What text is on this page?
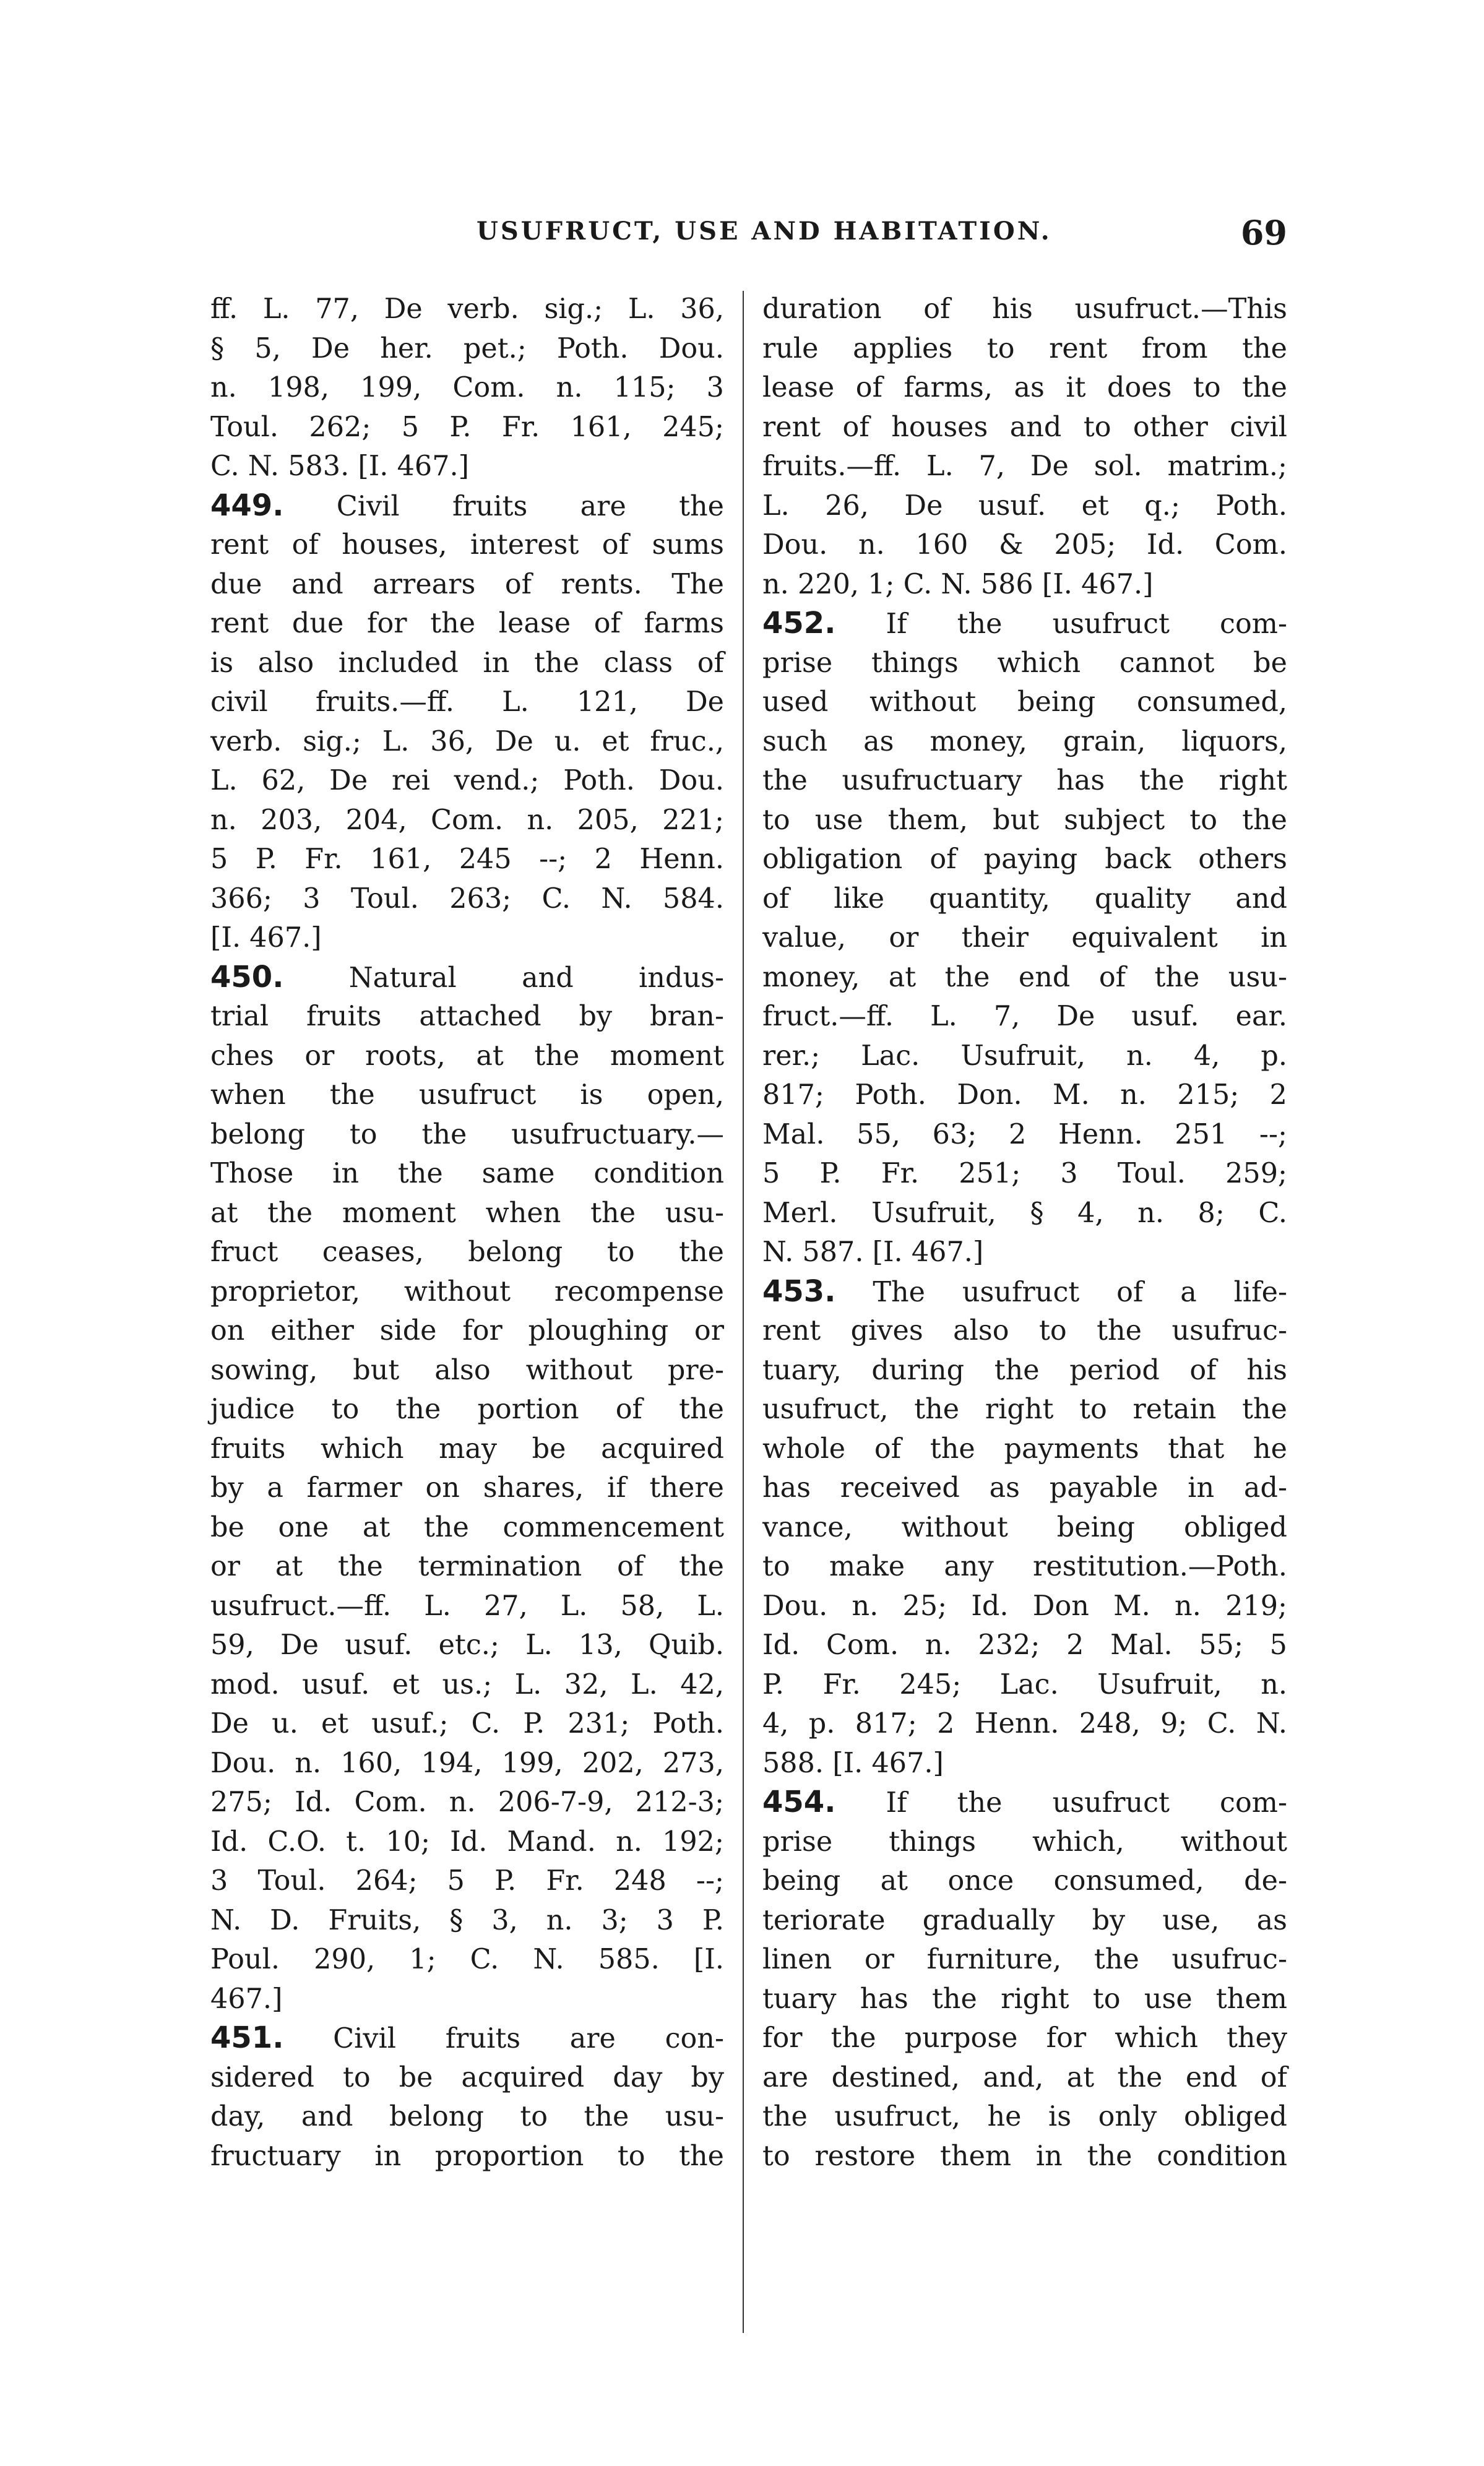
USUFRUCT, USE AND HABITATION.	69
ff. L. 77, De verb. sig.; L. 36,
§ 5, De her. pet.; Poth. Dou.
n. 198, 199, Com. n. 115; 3
Toul. 262; 5 P. Fr. 161, 245;
C. N. 583. [I. 467.]
449. Civil fruits are the
rent of houses, interest of sums
due and arrears of rents. The
rent due for the lease of farms
is also included in the class of
civil fruits.—ff. L. 121, De
verb. sig.; L. 36, De u. et fruc.,
L. 62, De rei vend.; Poth. Dou.
n. 203, 204, Com. n. 205, 221;
5 P. Fr. 161, 245 --; 2 Henn.
366; 3 Toul. 263; C. N. 584.
[I. 467.]
450. Natural and indus-
trial fruits attached by bran-
ches or roots, at the moment
when the usufruct is open,
belong to the usufructuary.—
Those in the same condition
at the moment when the usu-
fruct ceases, belong to the
proprietor, without recompense
on either side for ploughing or
sowing, but also without pre-
judice to the portion of the
fruits which may be acquired
by a farmer on shares, if there
be one at the commencement
or at the termination of the
usufruct.—ff. L. 27, L. 58, L.
59, De usuf. etc.; L. 13, Quib.
mod. usuf. et us.; L. 32, L. 42,
De u. et usuf.; C. P. 231; Poth.
Dou. n. 160, 194, 199, 202, 273,
275; Id. Com. n. 206-7-9, 212-3;
Id. C.O. t. 10; Id. Mand. n. 192;
3 Toul. 264; 5 P. Fr. 248 --;
N. D. Fruits, § 3, n. 3; 3 P.
Poul. 290, 1; C. N. 585. [I.
467.]
451. Civil fruits are con-
sidered to be acquired day by
day, and belong to the usu-
fructuary in proportion to the
duration of his usufruct.—This
rule applies to rent from the
lease of farms, as it does to the
rent of houses and to other civil
fruits.—ff. L. 7, De sol. matrim.;
L. 26, De usuf. et q.; Poth.
Dou. n. 160 & 205; Id. Com.
n. 220, 1; C. N. 586 [I. 467.]
452. If the usufruct com-
prise things which cannot be
used without being consumed,
such as money, grain, liquors,
the usufructuary has the right
to use them, but subject to the
obligation of paying back others
of like quantity, quality and
value, or their equivalent in
money, at the end of the usu-
fruct.—ff. L. 7, De usuf. ear.
rer.; Lac. Usufruit, n. 4, p.
817; Poth. Don. M. n. 215; 2
Mal. 55, 63; 2 Henn. 251 --;
5 P. Fr. 251; 3 Toul. 259;
Merl. Usufruit, § 4, n. 8; C.
N. 587. [I. 467.]
453. The usufruct of a life-
rent gives also to the usufruc-
tuary, during the period of his
usufruct, the right to retain the
whole of the payments that he
has received as payable in ad-
vance, without being obliged
to make any restitution.—Poth.
Dou. n. 25; Id. Don M. n. 219;
Id. Com. n. 232; 2 Mal. 55; 5
P. Fr. 245; Lac. Usufruit, n.
4, p. 817; 2 Henn. 248, 9; C. N.
588. [I. 467.]
454. If the usufruct com-
prise things which, without
being at once consumed, de-
teriorate gradually by use, as
linen or furniture, the usufruc-
tuary has the right to use them
for the purpose for which they
are destined, and, at the end of
the usufruct, he is only obliged
to restore them in the condition
